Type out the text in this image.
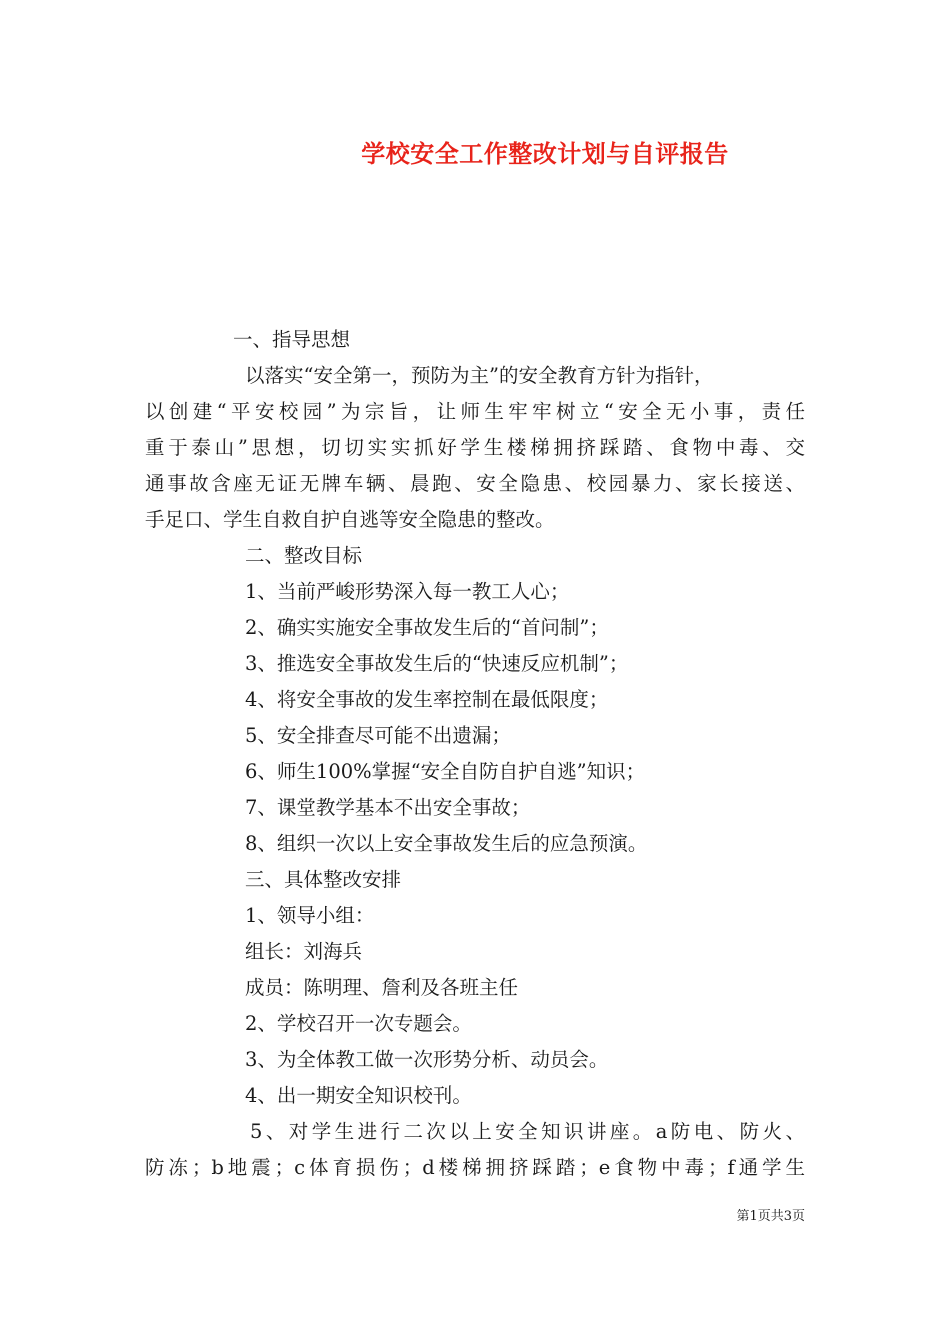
学校安全工作整改计划与自评报告
一、指导思想
以落实“安全第一，预防为主”的安全教育方针为指针，
以创建“平安校园”为宗旨，让师生牢牢树立“安全无小事，责任
重于泰山”思想，切切实实抓好学生楼梯拥挤踩踏、食物中毒、交
通事故含座无证无牌车辆、晨跑、安全隐患、校园暴力、家长接送、
手足口、学生自救自护自逃等安全隐患的整改。
二、整改目标
1、当前严峻形势深入每一教工人心；
2、确实实施安全事故发生后的“首问制”；
3、推选安全事故发生后的“快速反应机制”；
4、将安全事故的发生率控制在最低限度；
5、安全排查尽可能不出遗漏；
6、师生100%掌握“安全自防自护自逃”知识；
7、课堂教学基本不出安全事故；
8、组织一次以上安全事故发生后的应急预演。
三、具体整改安排
1、领导小组：
组长：刘海兵
成员：陈明理、詹利及各班主任
2、学校召开一次专题会。
3、为全体教工做一次形势分析、动员会。
4、出一期安全知识校刊。
5、对学生进行二次以上安全知识讲座。a防电、防火、
防冻；b地震；c体育损伤；d楼梯拥挤踩踏；e食物中毒；f通学生
第1页共3页
